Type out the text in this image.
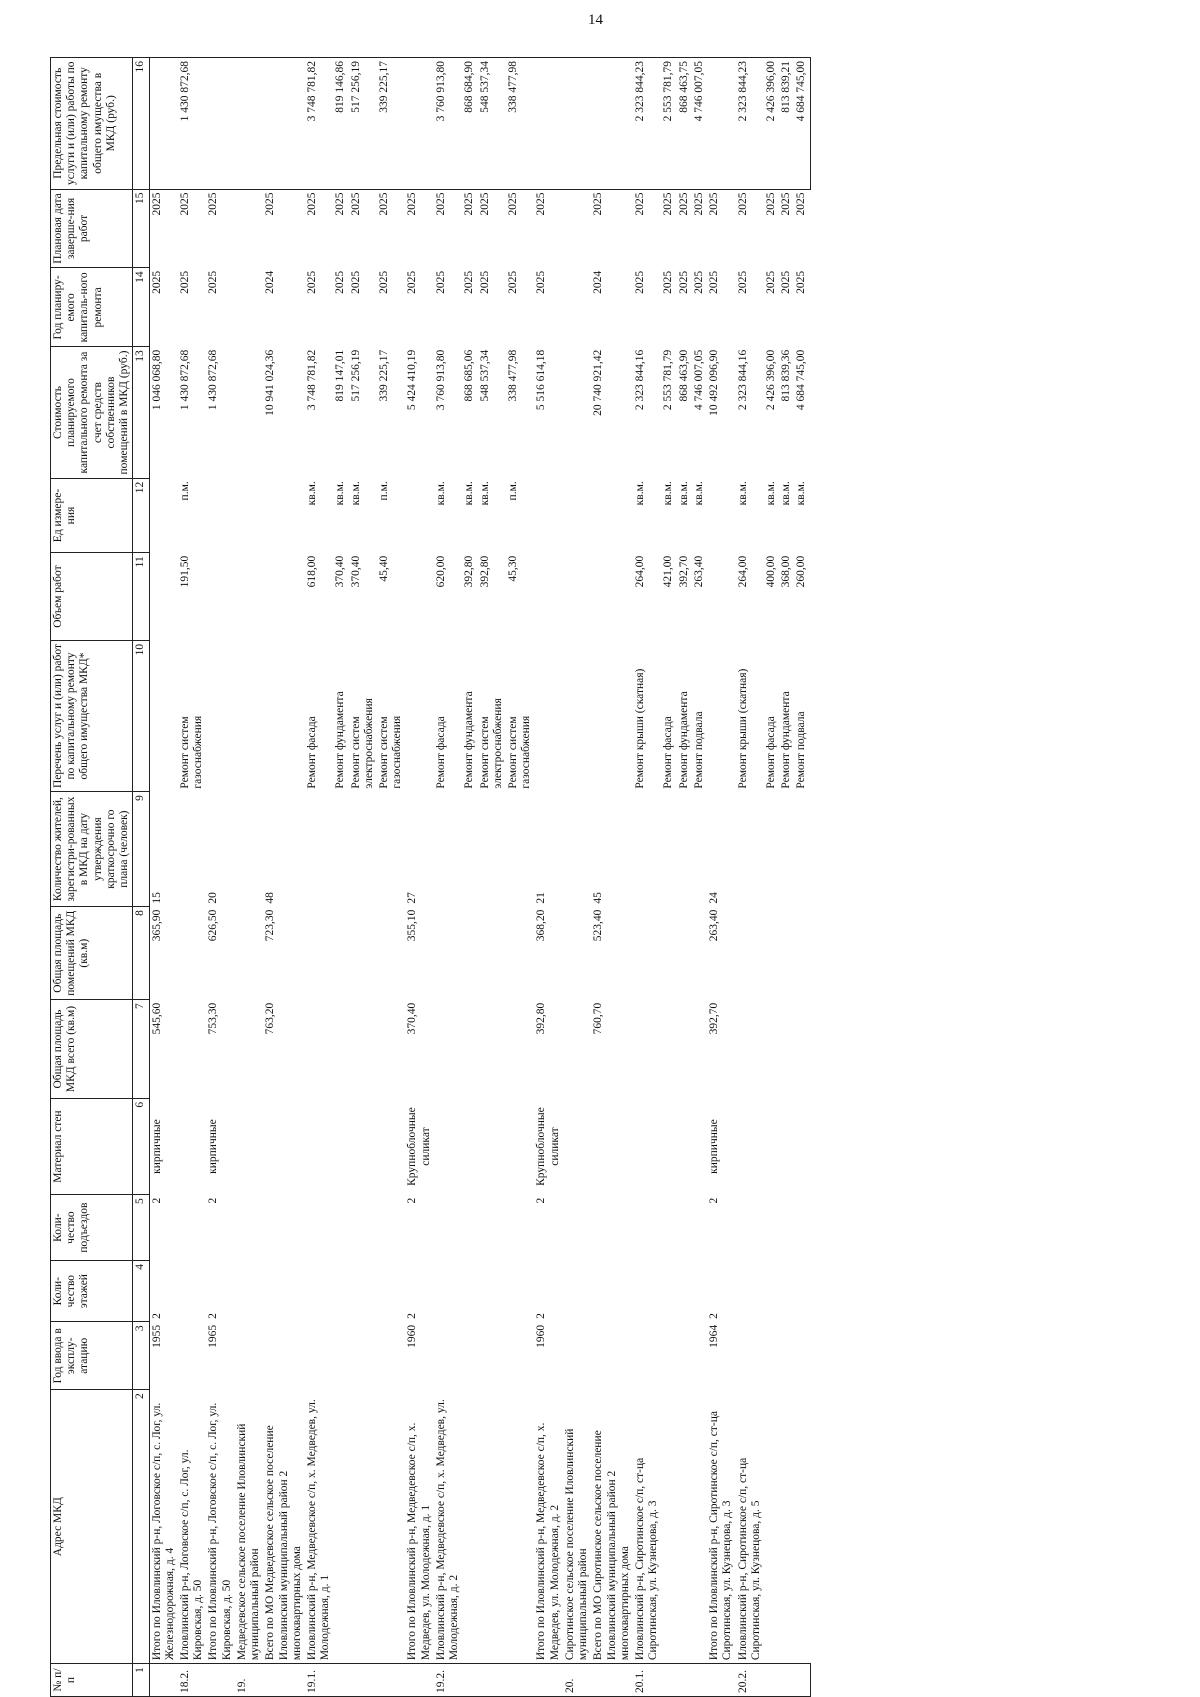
14
№ п/п	Адрес МКД	Год ввода в эксплу-атацию	Коли-чество этажей	Коли-чество подъездов	Материал стен	Общая площадь МКД всего (кв.м)	Общая площадь помещений МКД (кв.м)	Количество жителей, зарегистри-рованных в МКД на дату утверждения краткосрочно го плана (человек)	Перечень услуг и (или) работ по капитальному ремонту общего имущества МКД*	Объем работ	Ед измере-ния	Стоимость планируемого капитального ремонта за счет средств собственников помещений в МКД (руб.)	Год планиру-емого капиталь-ного ремонта	Плановая дата заверше-ния работ	Предельная стоимость услуги и (или) работы по капитальному ремонту общего имущества в МКД (руб.)
1	2	3	4	5	6	7	8	9	10	11	12	13	14	15	16
	Итого по Иловлинский р-н, Логовское с/п, с. Лог, ул. Железнодорожная, д. 4	1955	2	2	кирпичные	545,60	365,90	15				1 046 068,80	2025	2025	
18.2.	Иловлинский р-н, Логовское с/п, с. Лог, ул. Кировская, д. 50								Ремонт систем газоснабжения	191,50	п.м.	1 430 872,68	2025	2025	1 430 872,68
	Итого по Иловлинский р-н, Логовское с/п, с. Лог, ул. Кировская, д. 50	1965	2	2	кирпичные	753,30	626,50	20				1 430 872,68	2025	2025	
19.	Медведевское сельское поселение Иловлинский муниципальный район														
	Всего по МО Медведевское сельское поселение Иловлинский муниципальный район 2 многоквартирных дома					763,20	723,30	48				10 941 024,36	2024	2025	
19.1.	Иловлинский р-н, Медведевское с/п, х. Медведев, ул. Молодежная, д. 1								Ремонт фасада	618,00	кв.м.	3 748 781,82	2025	2025	3 748 781,82
									Ремонт фундамента	370,40	кв.м.	819 147,01	2025	2025	819 146,86
									Ремонт систем электроснабжения	370,40	кв.м.	517 256,19	2025	2025	517 256,19
									Ремонт систем газоснабжения	45,40	п.м.	339 225,17	2025	2025	339 225,17
	Итого по Иловлинский р-н, Медведевское с/п, х. Медведев, ул. Молодежная, д. 1	1960	2	2	Крупноблочные силикат	370,40	355,10	27				5 424 410,19	2025	2025	
19.2.	Иловлинский р-н, Медведевское с/п, х. Медведев, ул. Молодежная, д. 2								Ремонт фасада	620,00	кв.м.	3 760 913,80	2025	2025	3 760 913,80
									Ремонт фундамента	392,80	кв.м.	868 685,06	2025	2025	868 684,90
									Ремонт систем электроснабжения	392,80	кв.м.	548 537,34	2025	2025	548 537,34
									Ремонт систем газоснабжения	45,30	п.м.	338 477,98	2025	2025	338 477,98
	Итого по Иловлинский р-н, Медведевское с/п, х. Медведев, ул. Молодежная, д. 2	1960	2	2	Крупноблочные силикат	392,80	368,20	21				5 516 614,18	2025	2025	
20.	Сиротинское сельское поселение Иловлинский муниципальный район														
	Всего по МО Сиротинское сельское поселение Иловлинский муниципальный район 2 многоквартирных дома					760,70	523,40	45				20 740 921,42	2024	2025	
20.1.	Иловлинский р-н, Сиротинское с/п, ст-ца Сиротинская, ул. Кузнецова, д. 3								Ремонт крыши (скатная)	264,00	кв.м.	2 323 844,16	2025	2025	2 323 844,23
									Ремонт фасада	421,00	кв.м.	2 553 781,79	2025	2025	2 553 781,79
									Ремонт фундамента	392,70	кв.м.	868 463,90	2025	2025	868 463,75
									Ремонт подвала	263,40	кв.м.	4 746 007,05	2025	2025	4 746 007,05
	Итого по Иловлинский р-н, Сиротинское с/п, ст-ца Сиротинская, ул. Кузнецова, д. 3	1964	2	2	кирпичные	392,70	263,40	24				10 492 096,90	2025	2025	
20.2.	Иловлинский р-н, Сиротинское с/п, ст-ца Сиротинская, ул. Кузнецова, д. 5								Ремонт крыши (скатная)	264,00	кв.м.	2 323 844,16	2025	2025	2 323 844,23
									Ремонт фасада	400,00	кв.м.	2 426 396,00	2025	2025	2 426 396,00
									Ремонт фундамента	368,00	кв.м.	813 839,36	2025	2025	813 839,21
									Ремонт подвала	260,00	кв.м.	4 684 745,00	2025	2025	4 684 745,00
